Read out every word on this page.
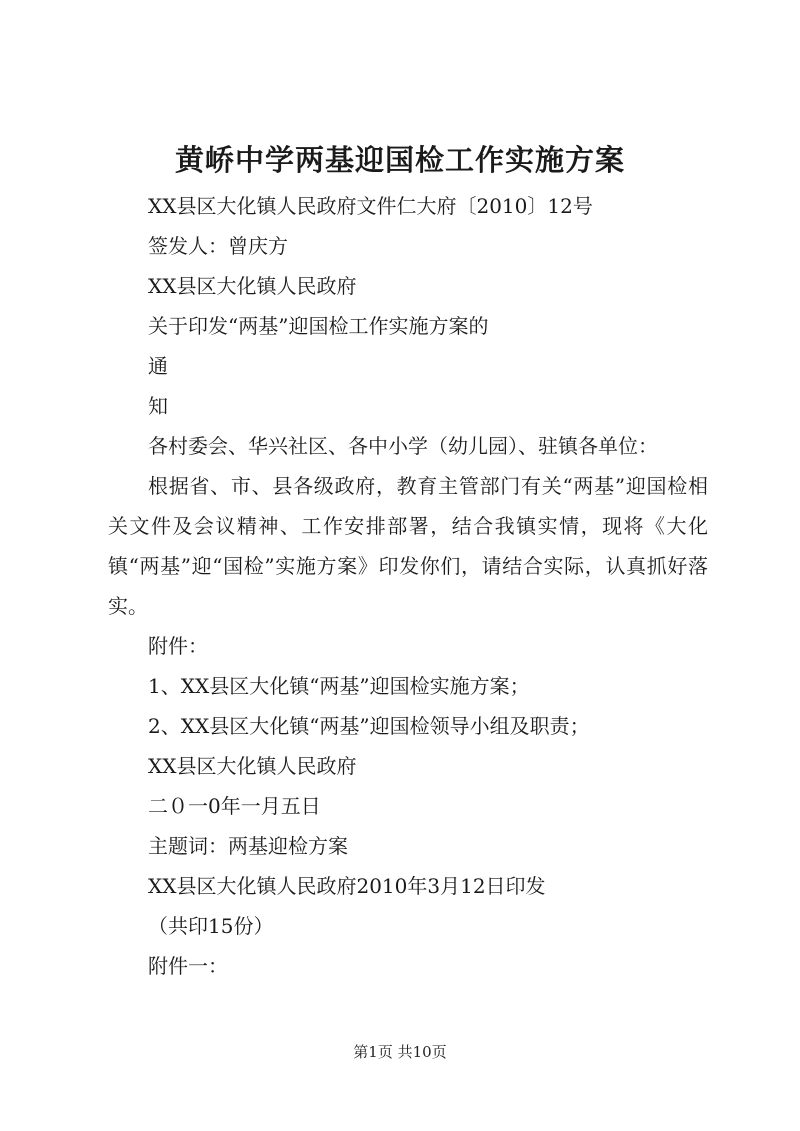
黄峤中学两基迎国检工作实施方案
XX县区大化镇人民政府文件仁大府〔2010〕12号
签发人：曾庆方
XX县区大化镇人民政府
关于印发“两基”迎国检工作实施方案的
通
知
各村委会、华兴社区、各中小学（幼儿园）、驻镇各单位：
根据省、市、县各级政府，教育主管部门有关“两基”迎国检相关文件及会议精神、工作安排部署，结合我镇实情，现将《大化镇“两基”迎“国检”实施方案》印发你们，请结合实际，认真抓好落实。
附件：
1、XX县区大化镇“两基”迎国检实施方案；
2、XX县区大化镇“两基”迎国检领导小组及职责；
XX县区大化镇人民政府
二０一0年一月五日
主题词：两基迎检方案
XX县区大化镇人民政府2010年3月12日印发
（共印15份）
附件一：
第1页 共10页
